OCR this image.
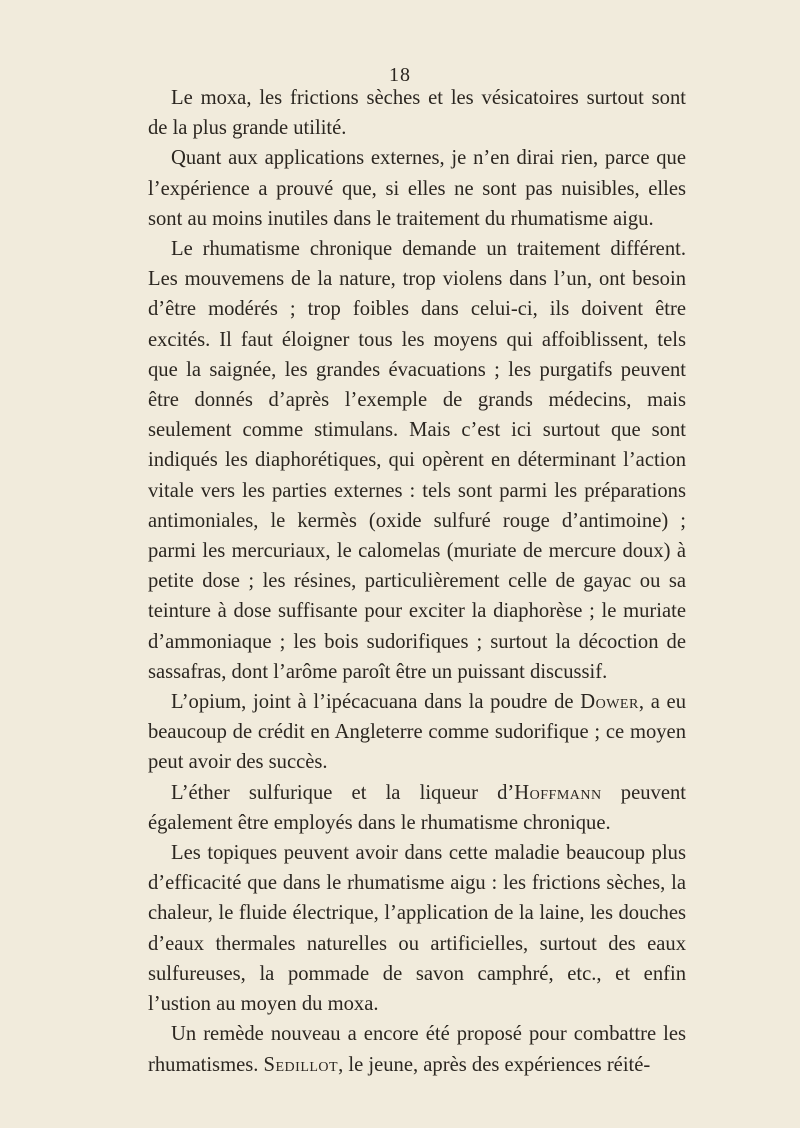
18

Le moxa, les frictions sèches et les vésicatoires surtout sont de la plus grande utilité.

Quant aux applications externes, je n’en dirai rien, parce que l’expérience a prouvé que, si elles ne sont pas nuisibles, elles sont au moins inutiles dans le traitement du rhumatisme aigu.

Le rhumatisme chronique demande un traitement différent. Les mouvemens de la nature, trop violens dans l’un, ont besoin d’être modérés ; trop foibles dans celui-ci, ils doivent être excités. Il faut éloigner tous les moyens qui affoiblissent, tels que la saignée, les grandes évacuations ; les purgatifs peuvent être donnés d’après l’exemple de grands médecins, mais seulement comme stimulans. Mais c’est ici surtout que sont indiqués les diaphorétiques, qui opèrent en déterminant l’action vitale vers les parties externes : tels sont parmi les préparations antimoniales, le kermès (oxide sulfuré rouge d’antimoine) ; parmi les mercuriaux, le calomelas (muriate de mercure doux) à petite dose ; les résines, particulièrement celle de gayac ou sa teinture à dose suffisante pour exciter la diaphorèse ; le muriate d’ammoniaque ; les bois sudorifiques ; surtout la décoction de sassafras, dont l’arôme paroît être un puissant discussif.

L’opium, joint à l’ipécacuana dans la poudre de Dower, a eu beaucoup de crédit en Angleterre comme sudorifique ; ce moyen peut avoir des succès.

L’éther sulfurique et la liqueur d’Hoffmann peuvent également être employés dans le rhumatisme chronique.

Les topiques peuvent avoir dans cette maladie beaucoup plus d’efficacité que dans le rhumatisme aigu : les frictions sèches, la chaleur, le fluide électrique, l’application de la laine, les douches d’eaux thermales naturelles ou artificielles, surtout des eaux sulfureuses, la pommade de savon camphré, etc., et enfin l’ustion au moyen du moxa.

Un remède nouveau a encore été proposé pour combattre les rhumatismes. Sedillot, le jeune, après des expériences réité-
